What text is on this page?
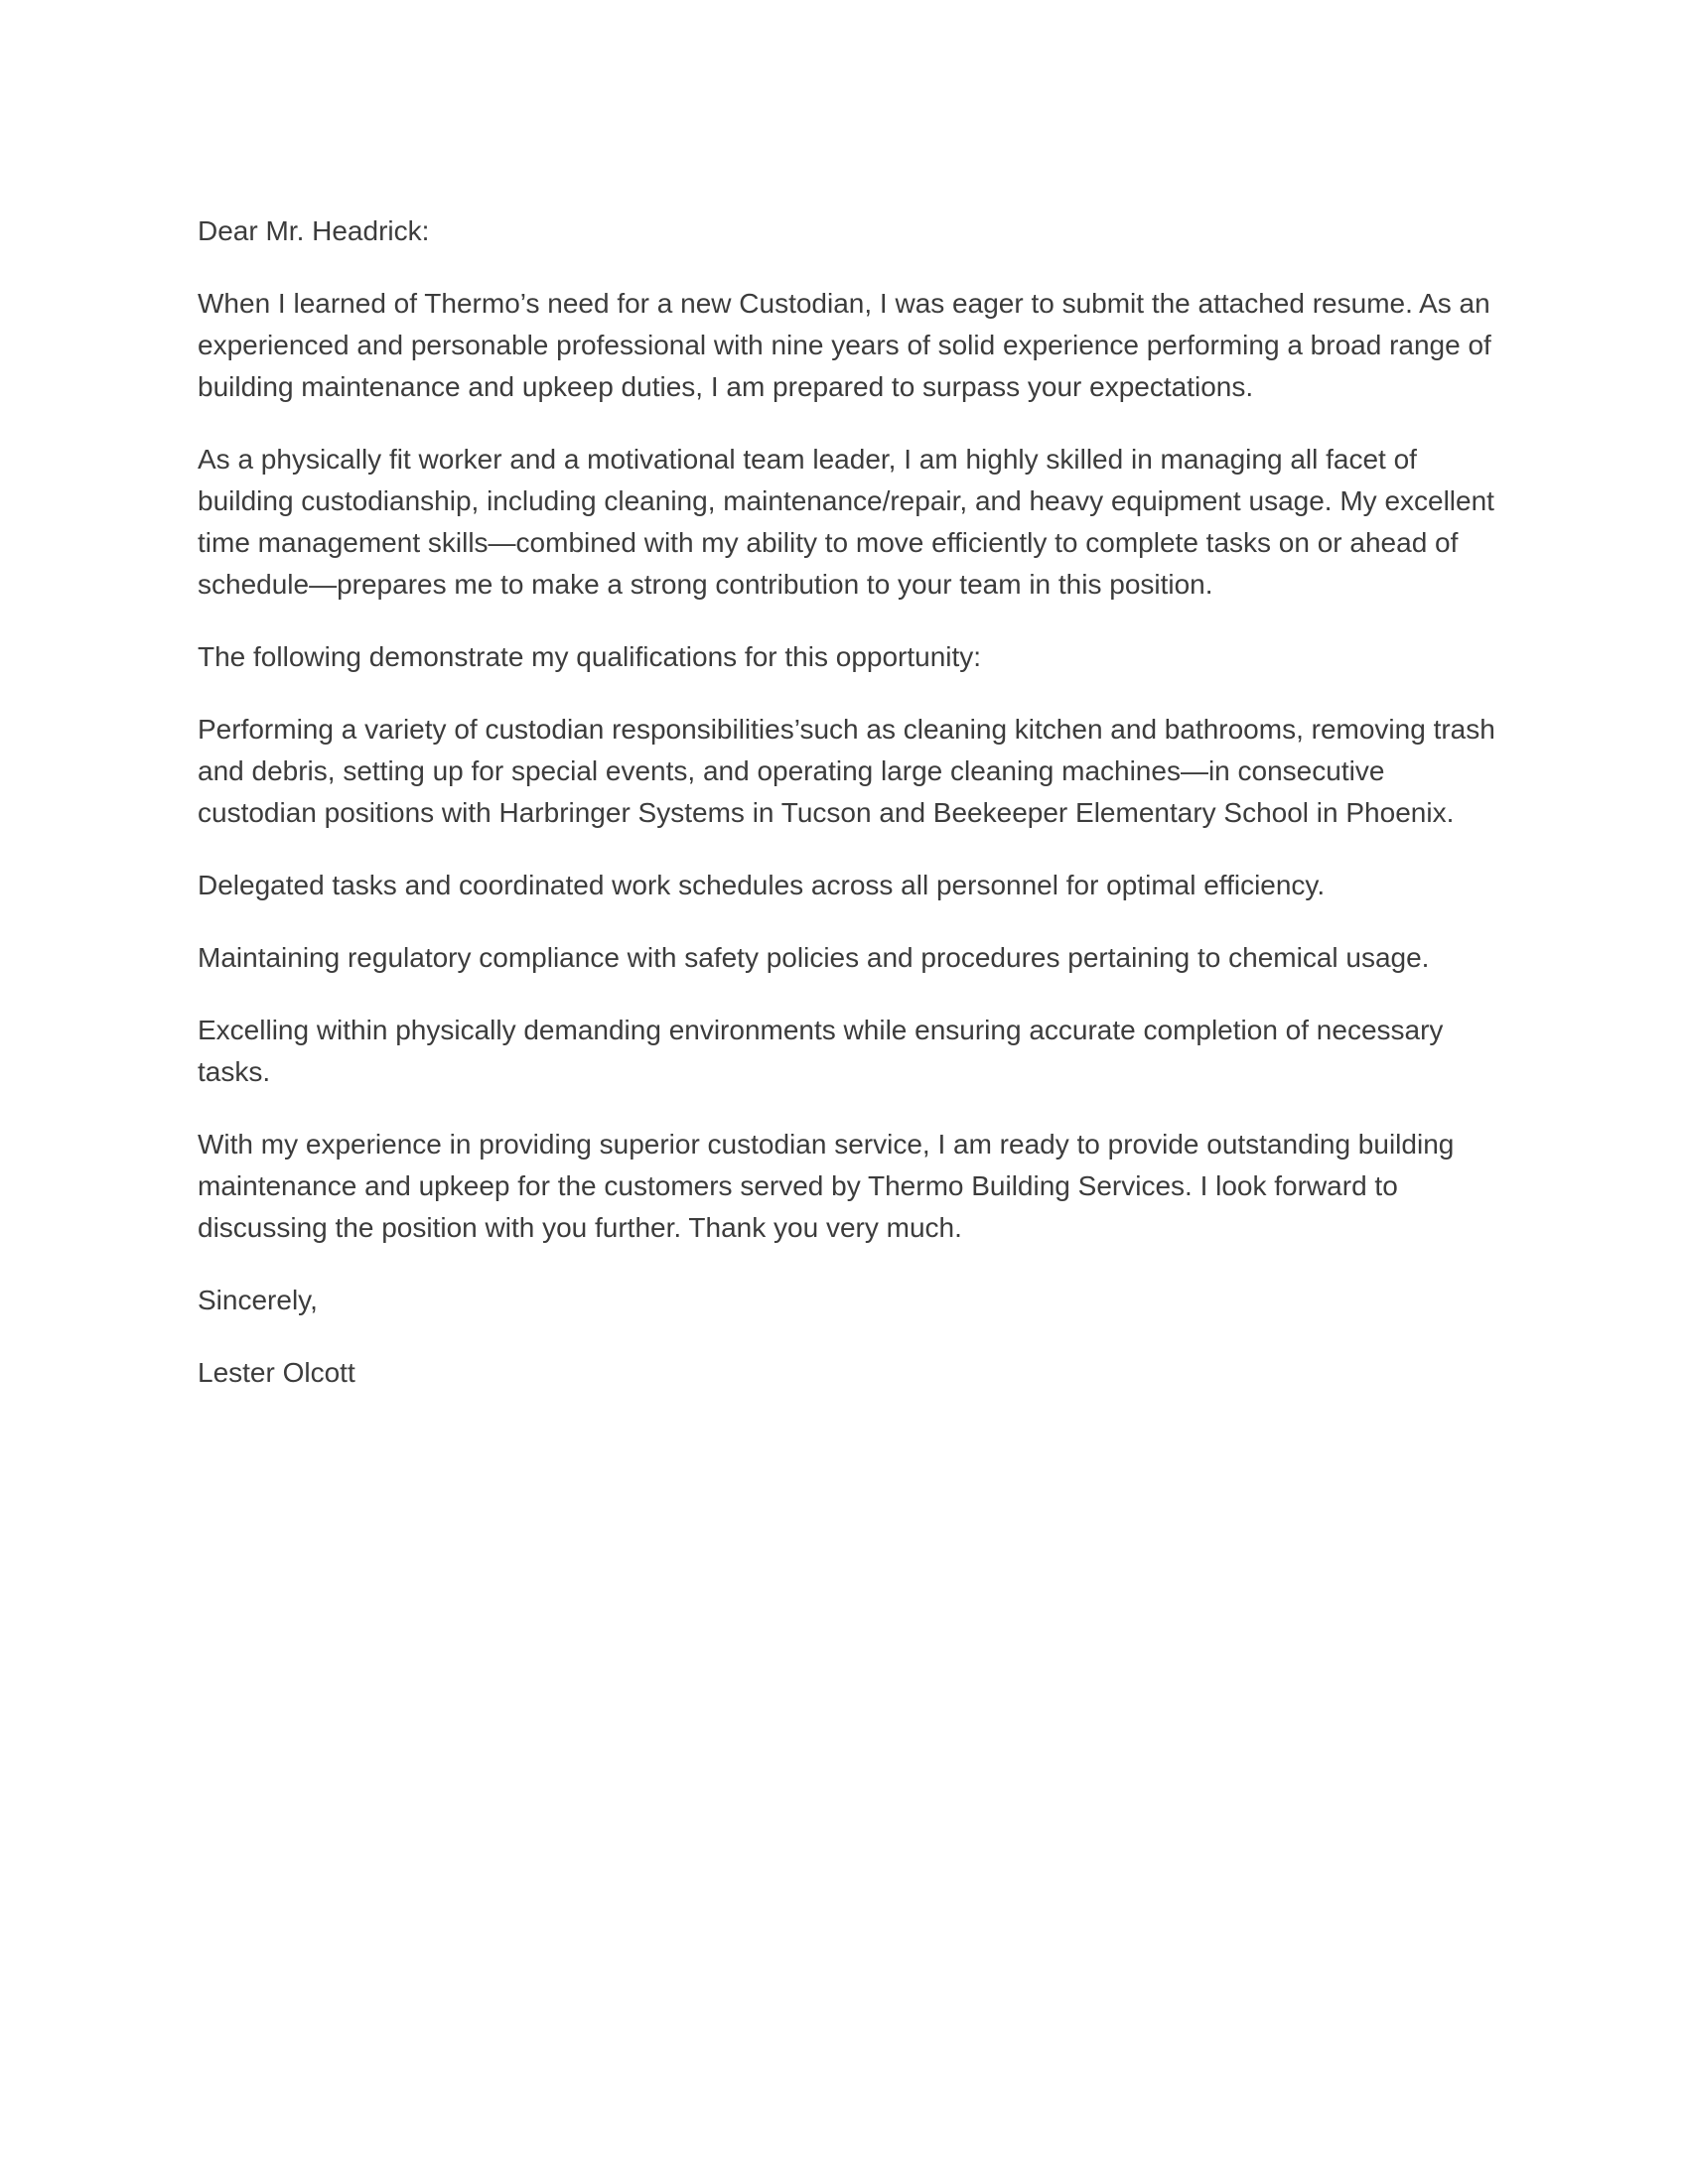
Dear Mr. Headrick:

When I learned of Thermo’s need for a new Custodian, I was eager to submit the attached resume. As an experienced and personable professional with nine years of solid experience performing a broad range of building maintenance and upkeep duties, I am prepared to surpass your expectations.

As a physically fit worker and a motivational team leader, I am highly skilled in managing all facet of building custodianship, including cleaning, maintenance/repair, and heavy equipment usage. My excellent time management skills—combined with my ability to move efficiently to complete tasks on or ahead of schedule—prepares me to make a strong contribution to your team in this position.

The following demonstrate my qualifications for this opportunity:

Performing a variety of custodian responsibilities’such as cleaning kitchen and bathrooms, removing trash and debris, setting up for special events, and operating large cleaning machines—in consecutive custodian positions with Harbringer Systems in Tucson and Beekeeper Elementary School in Phoenix.

Delegated tasks and coordinated work schedules across all personnel for optimal efficiency.

Maintaining regulatory compliance with safety policies and procedures pertaining to chemical usage.

Excelling within physically demanding environments while ensuring accurate completion of necessary tasks.

With my experience in providing superior custodian service, I am ready to provide outstanding building maintenance and upkeep for the customers served by Thermo Building Services. I look forward to discussing the position with you further. Thank you very much.

Sincerely,

Lester Olcott
